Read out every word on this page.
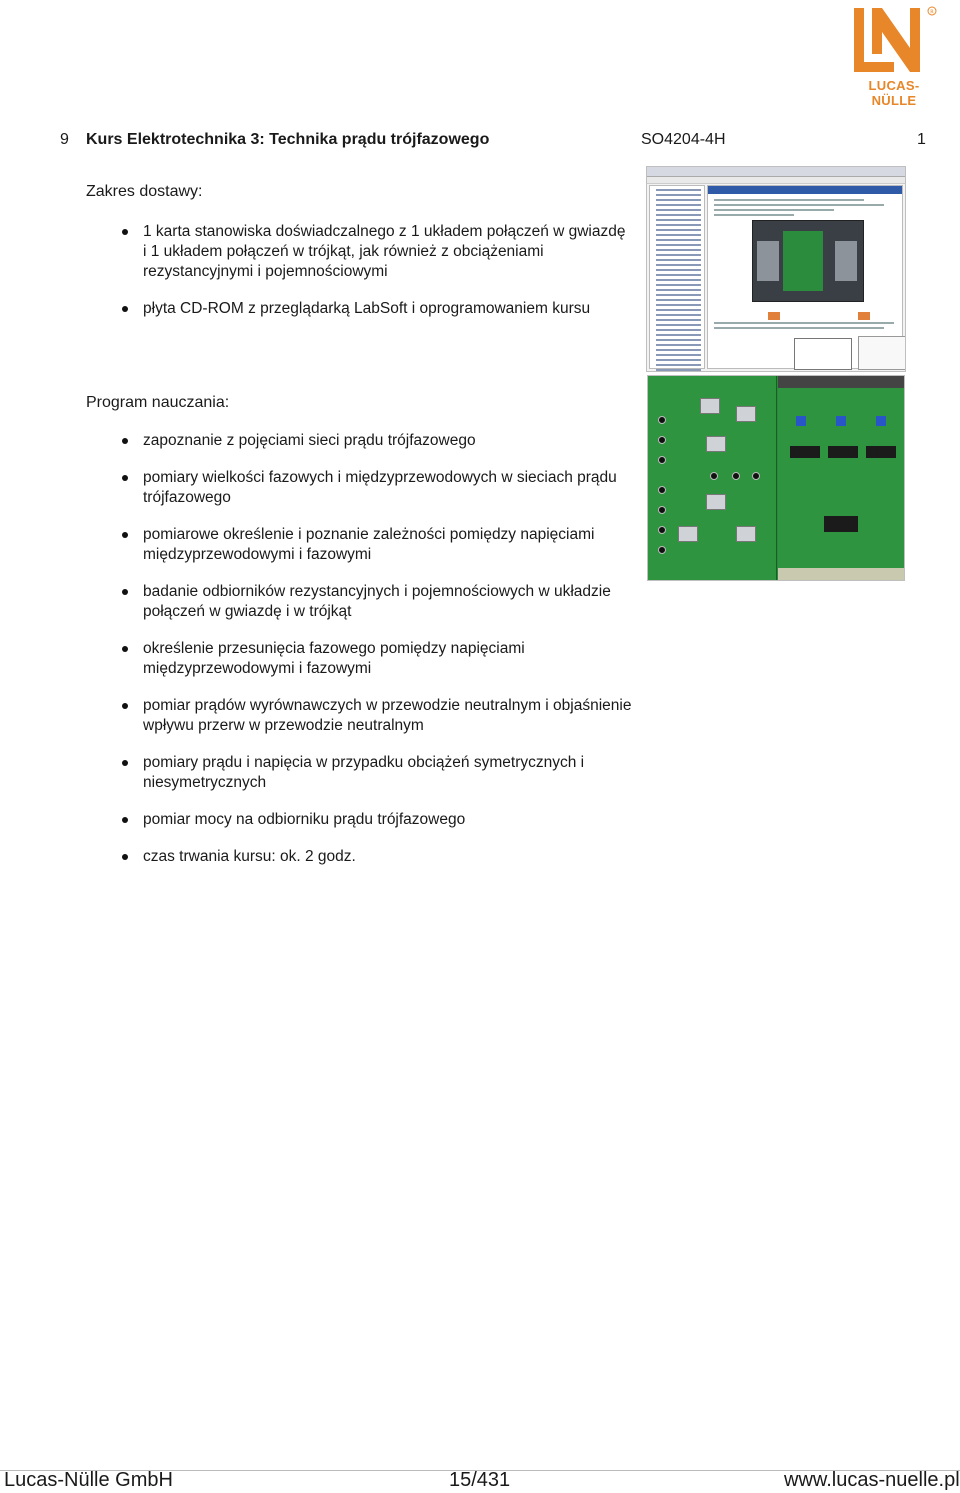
R
LUCAS-NÜLLE
9 Kurs Elektrotechnika 3: Technika prądu trójfazowego	SO4204-4H	1
Zakres dostawy:
1 karta stanowiska doświadczalnego z 1 układem połączeń w gwiazdę i 1 układem połączeń w trójkąt, jak również z obciążeniami rezystancyjnymi i pojemnościowymi
płyta CD-ROM z przeglądarką LabSoft i oprogramowaniem kursu
Program nauczania:
zapoznanie z pojęciami sieci prądu trójfazowego
pomiary wielkości fazowych i międzyprzewodowych w sieciach prądu trójfazowego
pomiarowe określenie i poznanie zależności pomiędzy napięciami międzyprzewodowymi i fazowymi
badanie odbiorników rezystancyjnych i pojemnościowych w układzie połączeń w gwiazdę i w trójkąt
określenie przesunięcia fazowego pomiędzy napięciami międzyprzewodowymi i fazowymi
pomiar prądów wyrównawczych w przewodzie neutralnym i objaśnienie wpływu przerw w przewodzie neutralnym
pomiary prądu i napięcia w przypadku obciążeń symetrycznych i niesymetrycznych
pomiar mocy na odbiorniku prądu trójfazowego
czas trwania kursu: ok. 2 godz.
Lucas-Nülle GmbH	15/431	www.lucas-nuelle.pl
